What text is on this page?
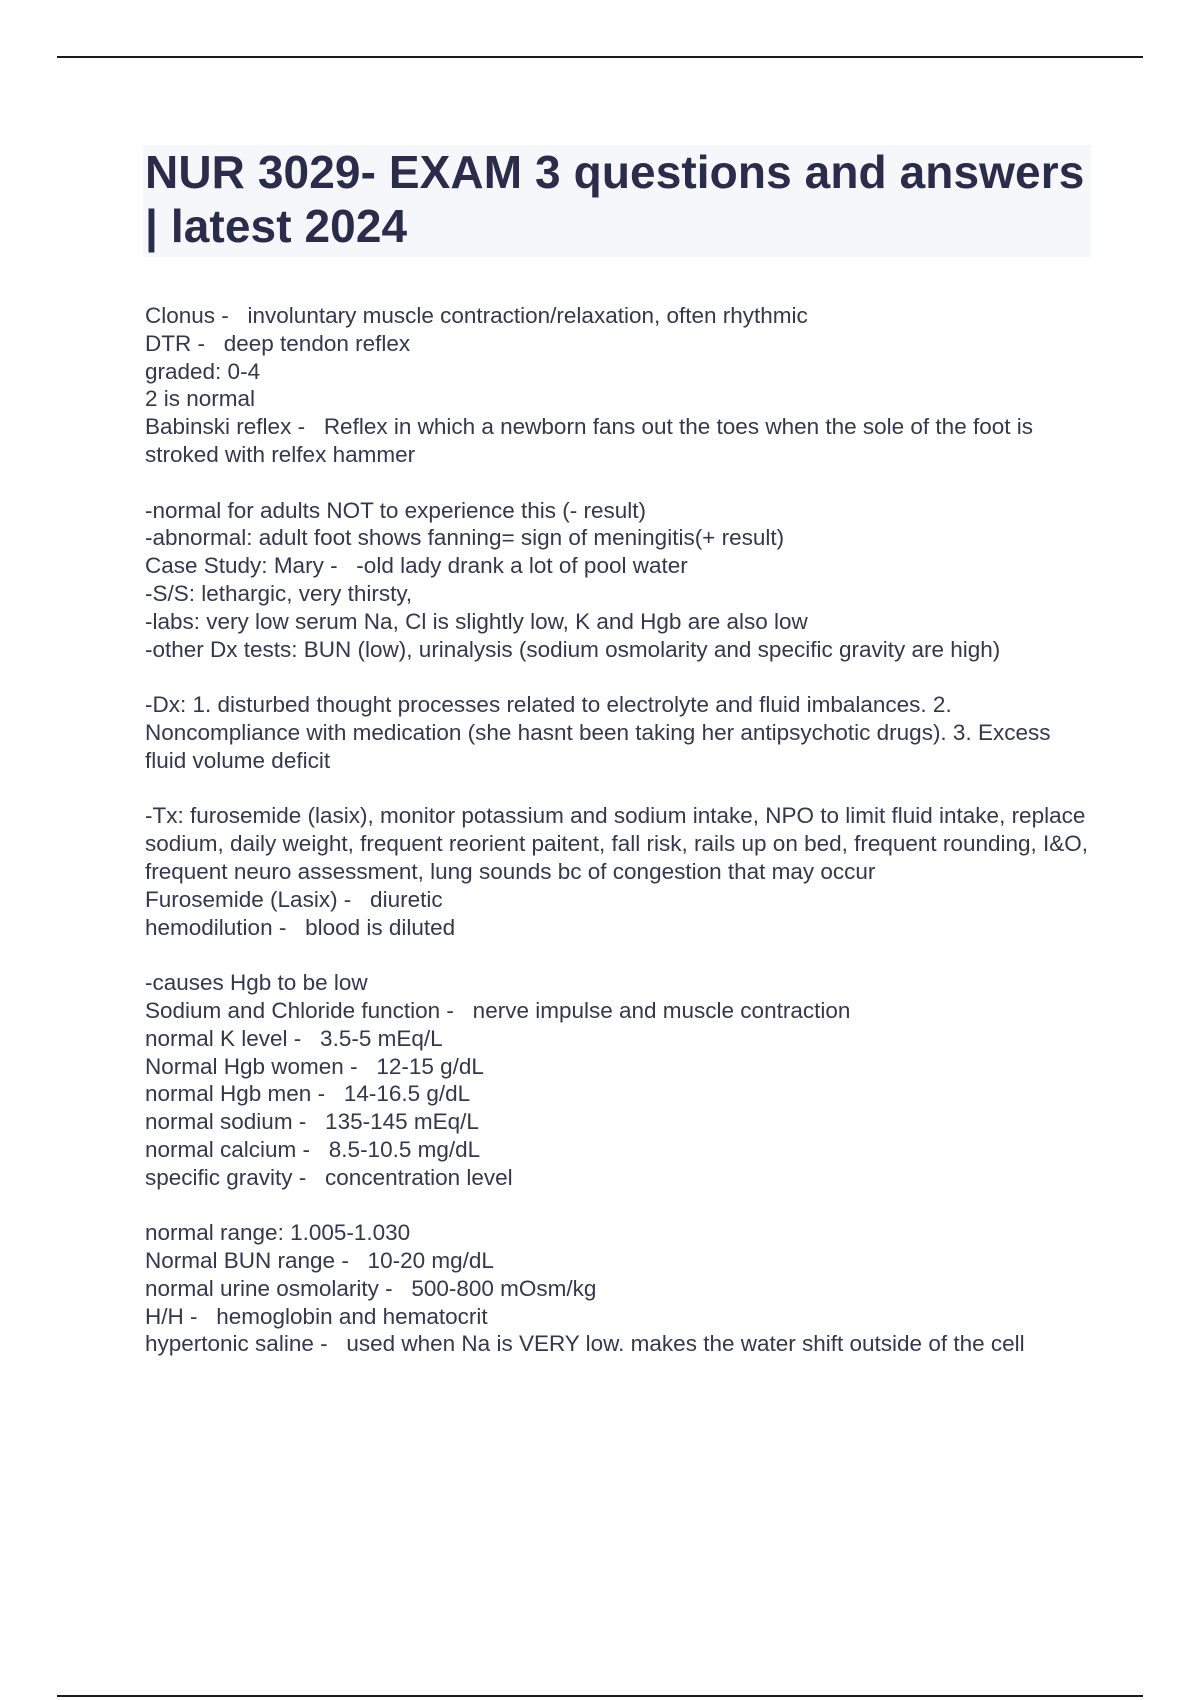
NUR 3029- EXAM 3 questions and answers | latest 2024
Clonus -   involuntary muscle contraction/relaxation, often rhythmic
DTR -   deep tendon reflex
graded: 0-4
2 is normal
Babinski reflex -   Reflex in which a newborn fans out the toes when the sole of the foot is stroked with relfex hammer
-normal for adults NOT to experience this (- result)
-abnormal: adult foot shows fanning= sign of meningitis(+ result)
Case Study: Mary -   -old lady drank a lot of pool water
-S/S: lethargic, very thirsty,
-labs: very low serum Na, Cl is slightly low, K and Hgb are also low
-other Dx tests: BUN (low), urinalysis (sodium osmolarity and specific gravity are high)
-Dx: 1. disturbed thought processes related to electrolyte and fluid imbalances. 2. Noncompliance with medication (she hasnt been taking her antipsychotic drugs). 3. Excess fluid volume deficit
-Tx: furosemide (lasix), monitor potassium and sodium intake, NPO to limit fluid intake, replace sodium, daily weight, frequent reorient paitent, fall risk, rails up on bed, frequent rounding, I&O, frequent neuro assessment, lung sounds bc of congestion that may occur
Furosemide (Lasix) -   diuretic
hemodilution -   blood is diluted
-causes Hgb to be low
Sodium and Chloride function -   nerve impulse and muscle contraction
normal K level -   3.5-5 mEq/L
Normal Hgb women -   12-15 g/dL
normal Hgb men -   14-16.5 g/dL
normal sodium -   135-145 mEq/L
normal calcium -   8.5-10.5 mg/dL
specific gravity -   concentration level
normal range: 1.005-1.030
Normal BUN range -   10-20 mg/dL
normal urine osmolarity -   500-800 mOsm/kg
H/H -   hemoglobin and hematocrit
hypertonic saline -   used when Na is VERY low. makes the water shift outside of the cell
